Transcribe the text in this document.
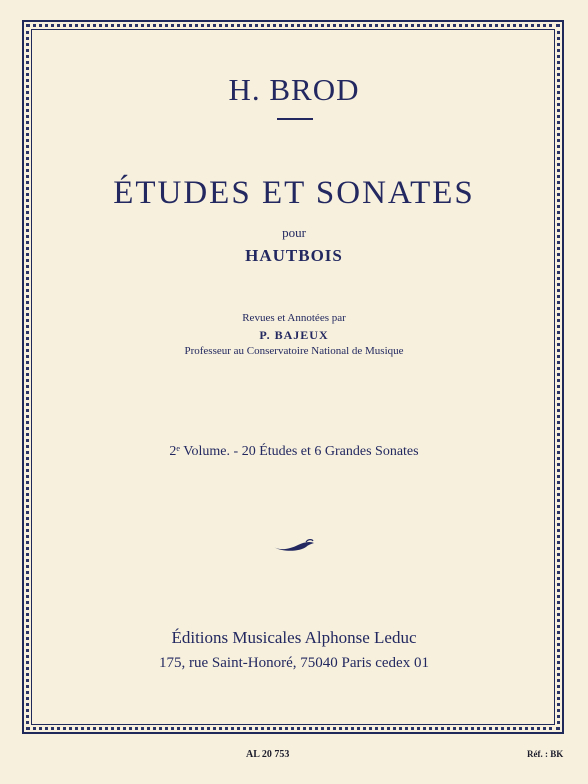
H. BROD
ÉTUDES ET SONATES
pour
HAUTBOIS
Revues et Annotées par
P. BAJEUX
Professeur au Conservatoire National de Musique
2ᵉ Volume. - 20 Études et 6 Grandes Sonates
Éditions Musicales Alphonse Leduc
175, rue Saint-Honoré, 75040 Paris cedex 01
AL 20 753	Réf. : BK
